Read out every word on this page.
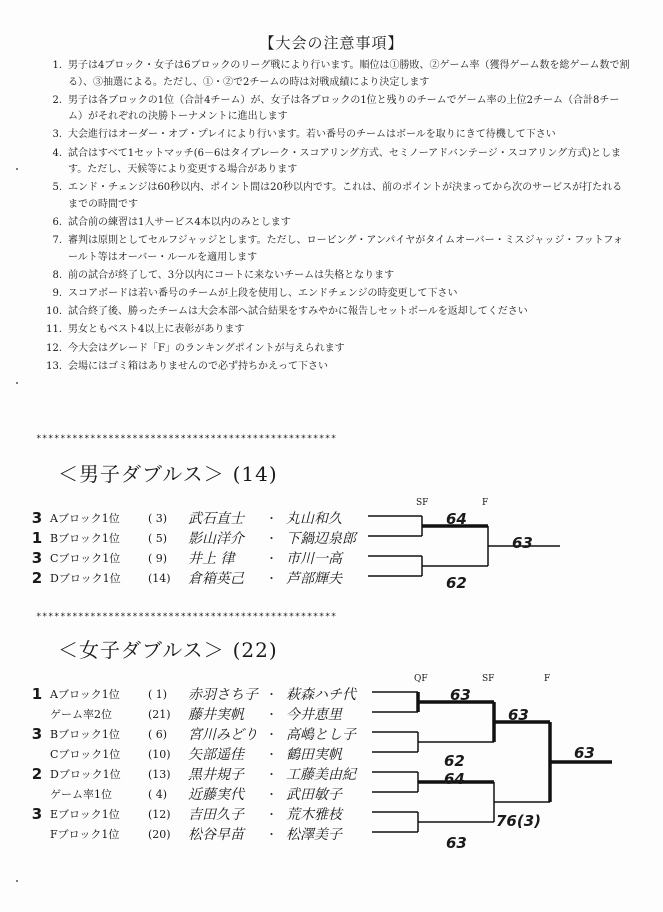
【大会の注意事項】
1. 男子は4ブロック・女子は6ブロックのリーグ戦により行います。順位は①勝敗、②ゲーム率（獲得ゲーム数を総ゲーム数で割る）、③抽選による。ただし、①・②で2チームの時は対戦成績により決定します
2. 男子は各ブロックの1位（合計4チーム）が、女子は各ブロックの1位と残りのチームでゲーム率の上位2チーム（合計8チーム）がそれぞれの決勝トーナメントに進出します
3. 大会進行はオーダー・オブ・プレイにより行います。若い番号のチームはボールを取りにきて待機して下さい
4. 試合はすべて1セットマッチ(6－6はタイブレーク・スコアリング方式、セミノーアドバンテージ・スコアリング方式)とします。ただし、天候等により変更する場合があります
5. エンド・チェンジは60秒以内、ポイント間は20秒以内です。これは、前のポイントが決まってから次のサービスが打たれるまでの時間です
6. 試合前の練習は1人サービス4本以内のみとします
7. 審判は原則としてセルフジャッジとします。ただし、ロービング・アンパイヤがタイムオーバー・ミスジャッジ・フットフォールト等はオーバー・ルールを適用します
8. 前の試合が終了して、3分以内にコートに来ないチームは失格となります
9. スコアボードは若い番号のチームが上段を使用し、エンドチェンジの時変更して下さい
10. 試合終了後、勝ったチームは大会本部へ試合結果をすみやかに報告しセットボールを返却してください
11. 男女ともベスト4以上に表彰があります
12. 今大会はグレード「F」のランキングポイントが与えられます
13. 会場にはゴミ箱はありませんので必ず持ちかえって下さい
**************************************************
＜男子ダブルス＞ (14)
3 Aブロック1位	( 3) 武石直士 ・ 丸山和久
1 Bブロック1位	( 5) 影山洋介 ・ 下鍋辺泉郎
3 Cブロック1位	( 9) 井上 律	・ 市川一高
2 Dブロック1位 (14) 倉箱英己 ・ 芦部輝夫
**************************************************
＜女子ダブルス＞ (22)
1 Aブロック1位	( 1) 赤羽さち子 ・ 萩森ハチ代
ゲーム率2位	(21) 藤井実帆 ・ 今井恵里
3 Bブロック1位	( 6) 宮川みどり ・ 高嶋とし子
Cブロック1位	(10) 矢部遥佳 ・ 鶴田実帆
2 Dブロック1位 (13) 黒井規子 ・ 工藤美由紀
ゲーム率1位	( 4) 近藤実代 ・ 武田敏子
3 Eブロック1位	(12) 吉田久子 ・ 荒木雅枝
Fブロック1位	(20) 松谷早苗 ・ 松澤美子
SF	F
64
62
63
QF	SF	F
63
62
64
63
63
76(3)
63
